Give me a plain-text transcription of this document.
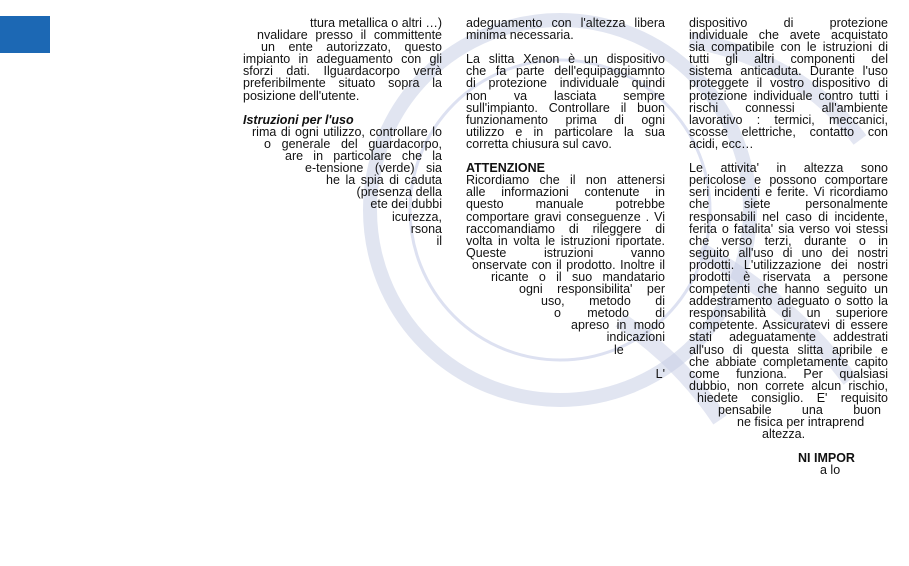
ttura metallica o altri …)
nvalidare presso il committente
un ente autorizzato, questo
impianto in adeguamento con gli
sforzi dati. Ilguardacorpo verrà
preferibilmente situato sopra la
posizione dell'utente.
Istruzioni per l'uso
rima di ogni utilizzo, controllare lo
o generale del guardacorpo,
are in particolare che la
e-tensione (verde) sia
he la spia di caduta
(presenza della
ete dei dubbi
icurezza,
rsona
il
adeguamento con l'altezza libera
minima necessaria.
La slitta Xenon è un dispositivo
che fa parte dell'equipaggiamnto
di protezione individuale quindi
non va lasciata sempre
sull'impianto. Controllare il buon
funzionamento prima di ogni
utilizzo e in particolare la sua
corretta chiusura sul cavo.
ATTENZIONE
Ricordiamo che il non attenersi
alle informazioni contenute in
questo manuale potrebbe
comportare gravi conseguenze . Vi
raccomandiamo di rileggere di
volta in volta le istruzioni riportate.
Queste istruzioni vanno
onservate con il prodotto. Inoltre il
ricante o il suo mandatario
ogni responsibilita' per
uso, metodo di
o metodo di
apreso in modo
indicazioni
le
L'
dispositivo di protezione
individuale che avete acquistato
sia compatibile con le istruzioni di
tutti gli altri componenti del
sistema anticaduta. Durante l'uso
proteggete il vostro dispositivo di
protezione individuale contro tutti i
rischi connessi all'ambiente
lavorativo : termici, meccanici,
scosse elettriche, contatto con
acidi, ecc…
Le attivita' in altezza sono
pericolose e possono comportare
seri incidenti e ferite. Vi ricordiamo
che siete personalmente
responsabili nel caso di incidente,
ferita o fatalita' sia verso voi stessi
che verso terzi, durante o in
seguito all'uso di uno dei nostri
prodotti. L'utilizzazione dei nostri
prodotti è riservata a persone
competenti che hanno seguito un
addestramento adeguato o sotto la
responsabilità di un superiore
competente. Assicuratevi di essere
stati adeguatamente addestrati
all'uso di questa slitta apribile e
che abbiate completamente capito
come funziona. Per qualsiasi
dubbio, non correte alcun rischio,
hiedete consiglio. E' requisito
pensabile una buon
ne fisica per intraprend
altezza.
NI IMPOR
a lo
